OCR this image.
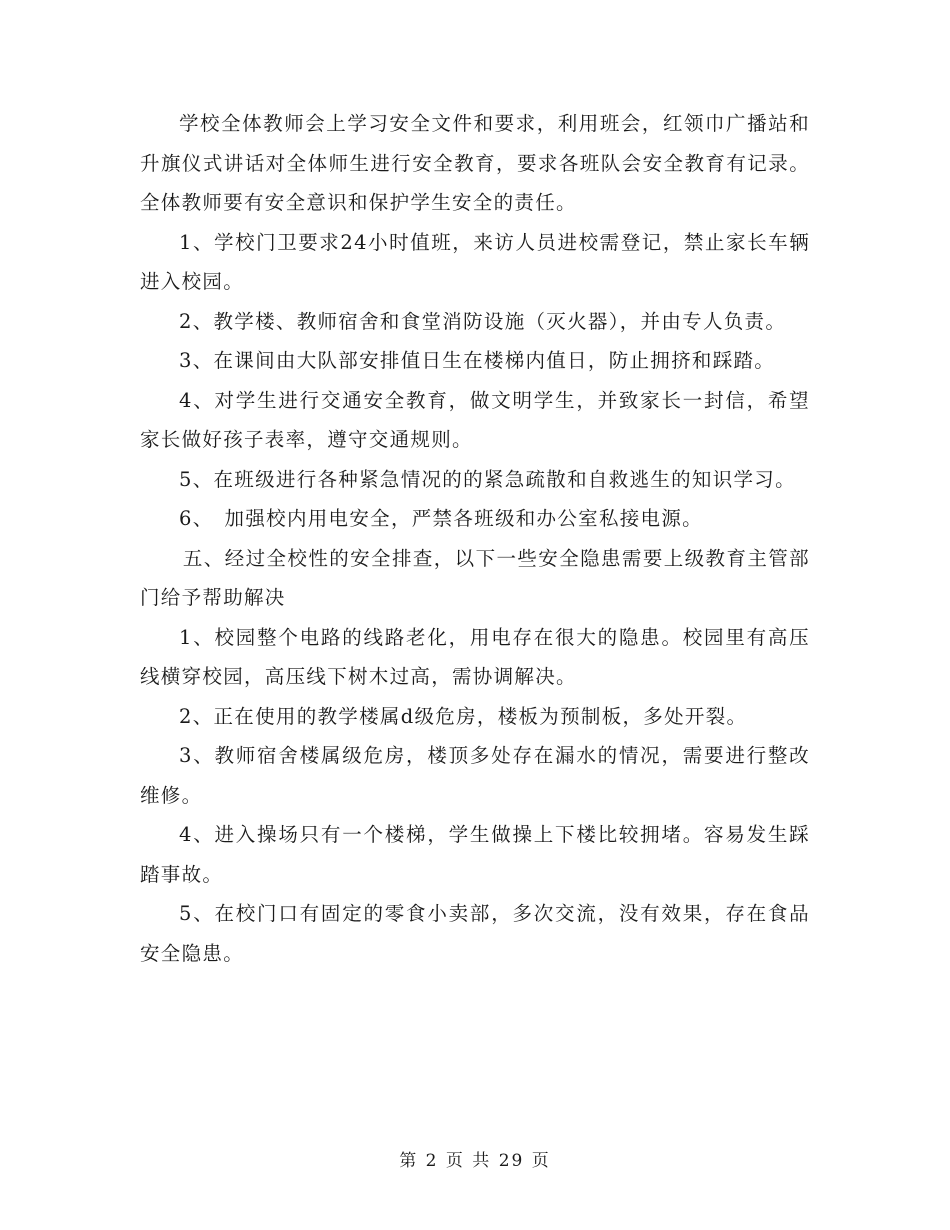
学校全体教师会上学习安全文件和要求，利用班会，红领巾广播站和升旗仪式讲话对全体师生进行安全教育，要求各班队会安全教育有记录。全体教师要有安全意识和保护学生安全的责任。

1、学校门卫要求24小时值班，来访人员进校需登记，禁止家长车辆进入校园。

2、教学楼、教师宿舍和食堂消防设施（灭火器），并由专人负责。

3、在课间由大队部安排值日生在楼梯内值日，防止拥挤和踩踏。

4、对学生进行交通安全教育，做文明学生，并致家长一封信，希望家长做好孩子表率，遵守交通规则。

5、在班级进行各种紧急情况的的紧急疏散和自救逃生的知识学习。

6、　加强校内用电安全，严禁各班级和办公室私接电源。

五、经过全校性的安全排查，以下一些安全隐患需要上级教育主管部门给予帮助解决

1、校园整个电路的线路老化，用电存在很大的隐患。校园里有高压线横穿校园，高压线下树木过高，需协调解决。

2、正在使用的教学楼属d级危房，楼板为预制板，多处开裂。

3、教师宿舍楼属级危房，楼顶多处存在漏水的情况，需要进行整改维修。

4、进入操场只有一个楼梯，学生做操上下楼比较拥堵。容易发生踩踏事故。

5、在校门口有固定的零食小卖部，多次交流，没有效果，存在食品安全隐患。

第 2 页 共 29 页
